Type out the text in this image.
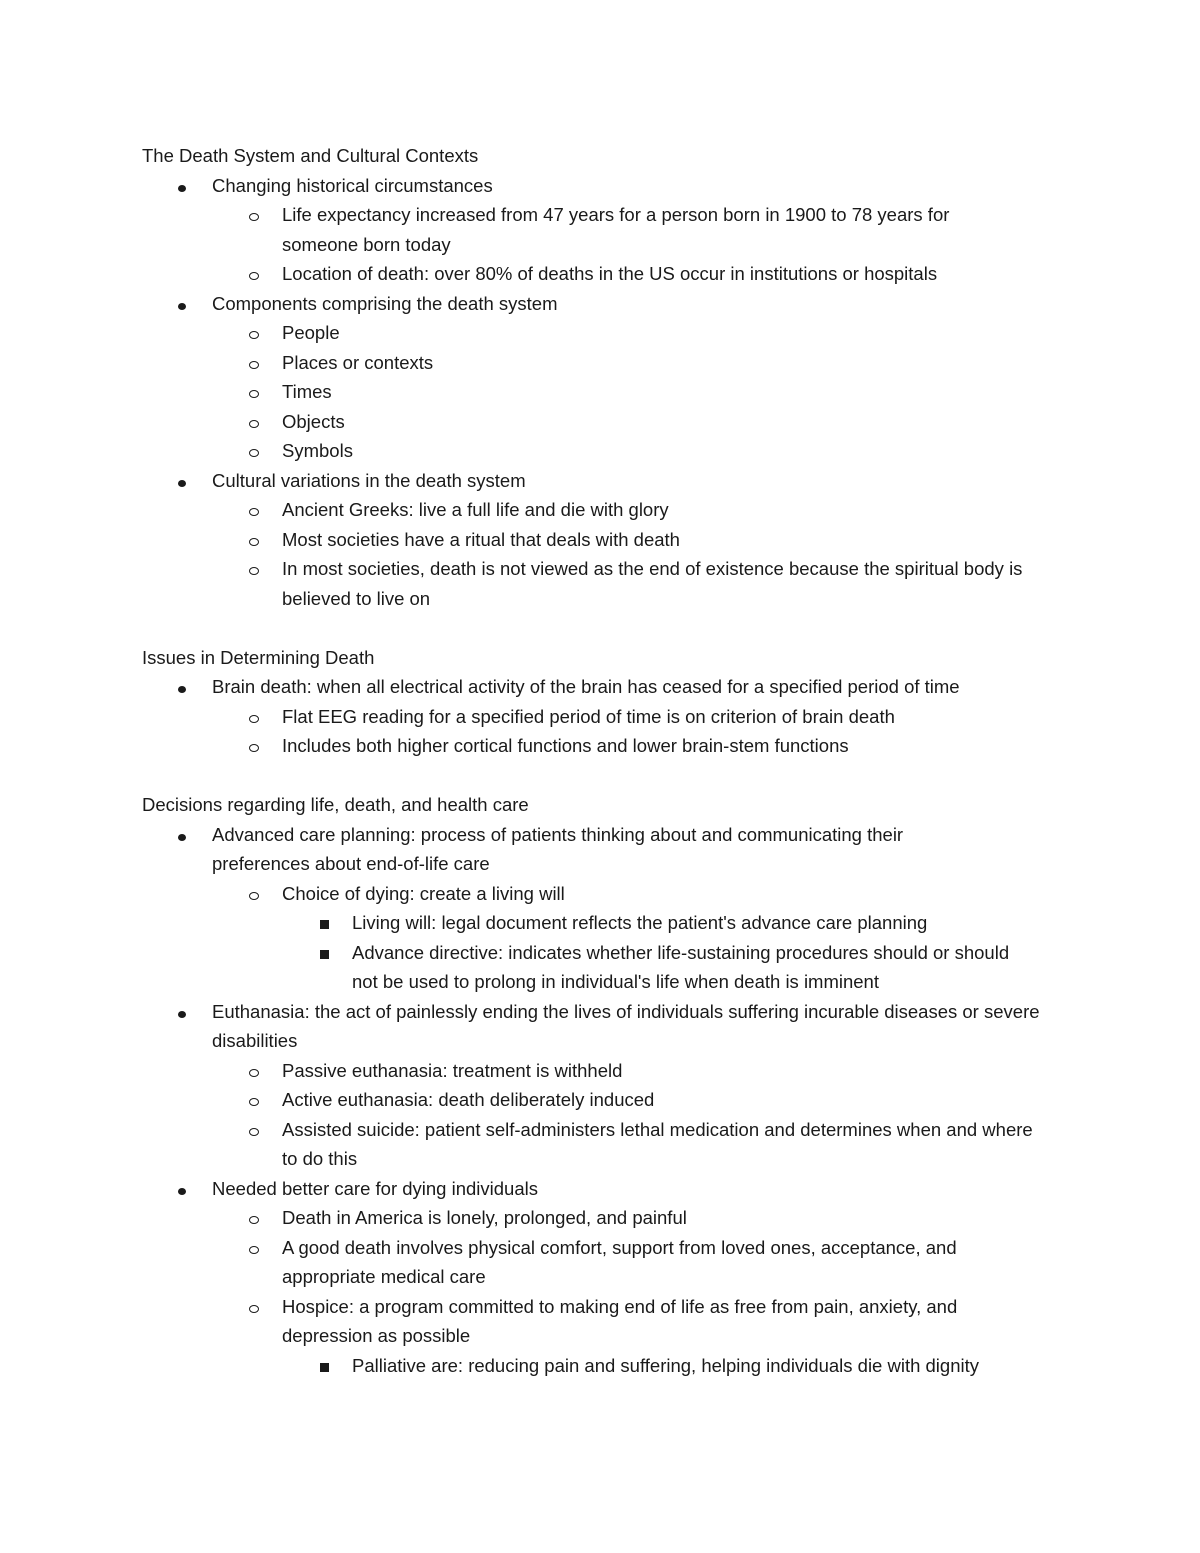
The Death System and Cultural Contexts
Changing historical circumstances
Life expectancy increased from 47 years for a person born in 1900 to 78 years for someone born today
Location of death: over 80% of deaths in the US occur in institutions or hospitals
Components comprising the death system
People
Places or contexts
Times
Objects
Symbols
Cultural variations in the death system
Ancient Greeks: live a full life and die with glory
Most societies have a ritual that deals with death
In most societies, death is not viewed as the end of existence because the spiritual body is believed to live on
Issues in Determining Death
Brain death: when all electrical activity of the brain has ceased for a specified period of time
Flat EEG reading for a specified period of time is on criterion of brain death
Includes both higher cortical functions and lower brain-stem functions
Decisions regarding life, death, and health care
Advanced care planning: process of patients thinking about and communicating their preferences about end-of-life care
Choice of dying: create a living will
Living will: legal document reflects the patient's advance care planning
Advance directive: indicates whether life-sustaining procedures should or should not be used to prolong in individual's life when death is imminent
Euthanasia: the act of painlessly ending the lives of individuals suffering incurable diseases or severe disabilities
Passive euthanasia: treatment is withheld
Active euthanasia: death deliberately induced
Assisted suicide: patient self-administers lethal medication and determines when and where to do this
Needed better care for dying individuals
Death in America is lonely, prolonged, and painful
A good death involves physical comfort, support from loved ones, acceptance, and appropriate medical care
Hospice: a program committed to making end of life as free from pain, anxiety, and depression as possible
Palliative are: reducing pain and suffering, helping individuals die with dignity
